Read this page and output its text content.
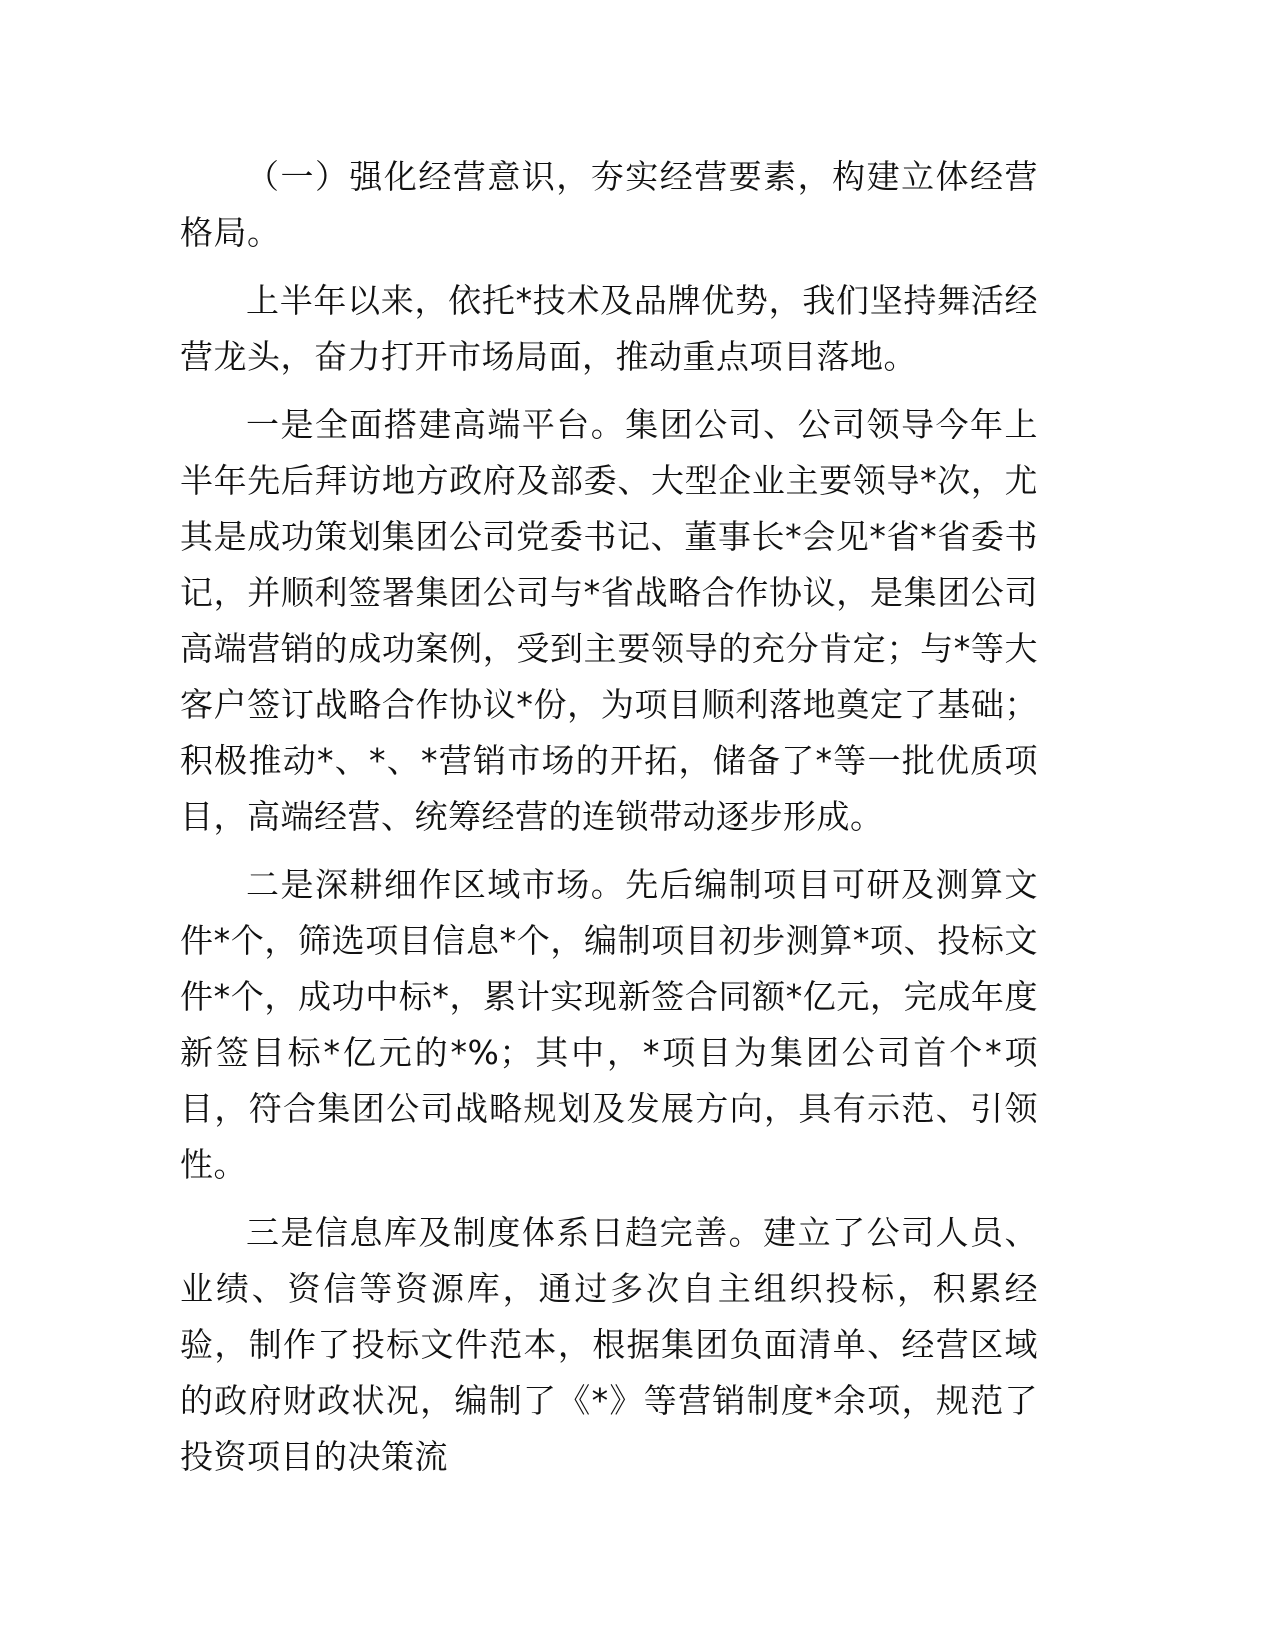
（一）强化经营意识，夯实经营要素，构建立体经营格局。

上半年以来，依托*技术及品牌优势，我们坚持舞活经营龙头，奋力打开市场局面，推动重点项目落地。

一是全面搭建高端平台。集团公司、公司领导今年上半年先后拜访地方政府及部委、大型企业主要领导*次，尤其是成功策划集团公司党委书记、董事长*会见*省*省委书记，并顺利签署集团公司与*省战略合作协议，是集团公司高端营销的成功案例，受到主要领导的充分肯定；与*等大客户签订战略合作协议*份，为项目顺利落地奠定了基础；积极推动*、*、*营销市场的开拓，储备了*等一批优质项目，高端经营、统筹经营的连锁带动逐步形成。

二是深耕细作区域市场。先后编制项目可研及测算文件*个，筛选项目信息*个，编制项目初步测算*项、投标文件*个，成功中标*，累计实现新签合同额*亿元，完成年度新签目标*亿元的*%；其中，*项目为集团公司首个*项目，符合集团公司战略规划及发展方向，具有示范、引领性。

三是信息库及制度体系日趋完善。建立了公司人员、业绩、资信等资源库，通过多次自主组织投标，积累经验，制作了投标文件范本，根据集团负面清单、经营区域的政府财政状况，编制了《*》等营销制度*余项，规范了投资项目的决策流
